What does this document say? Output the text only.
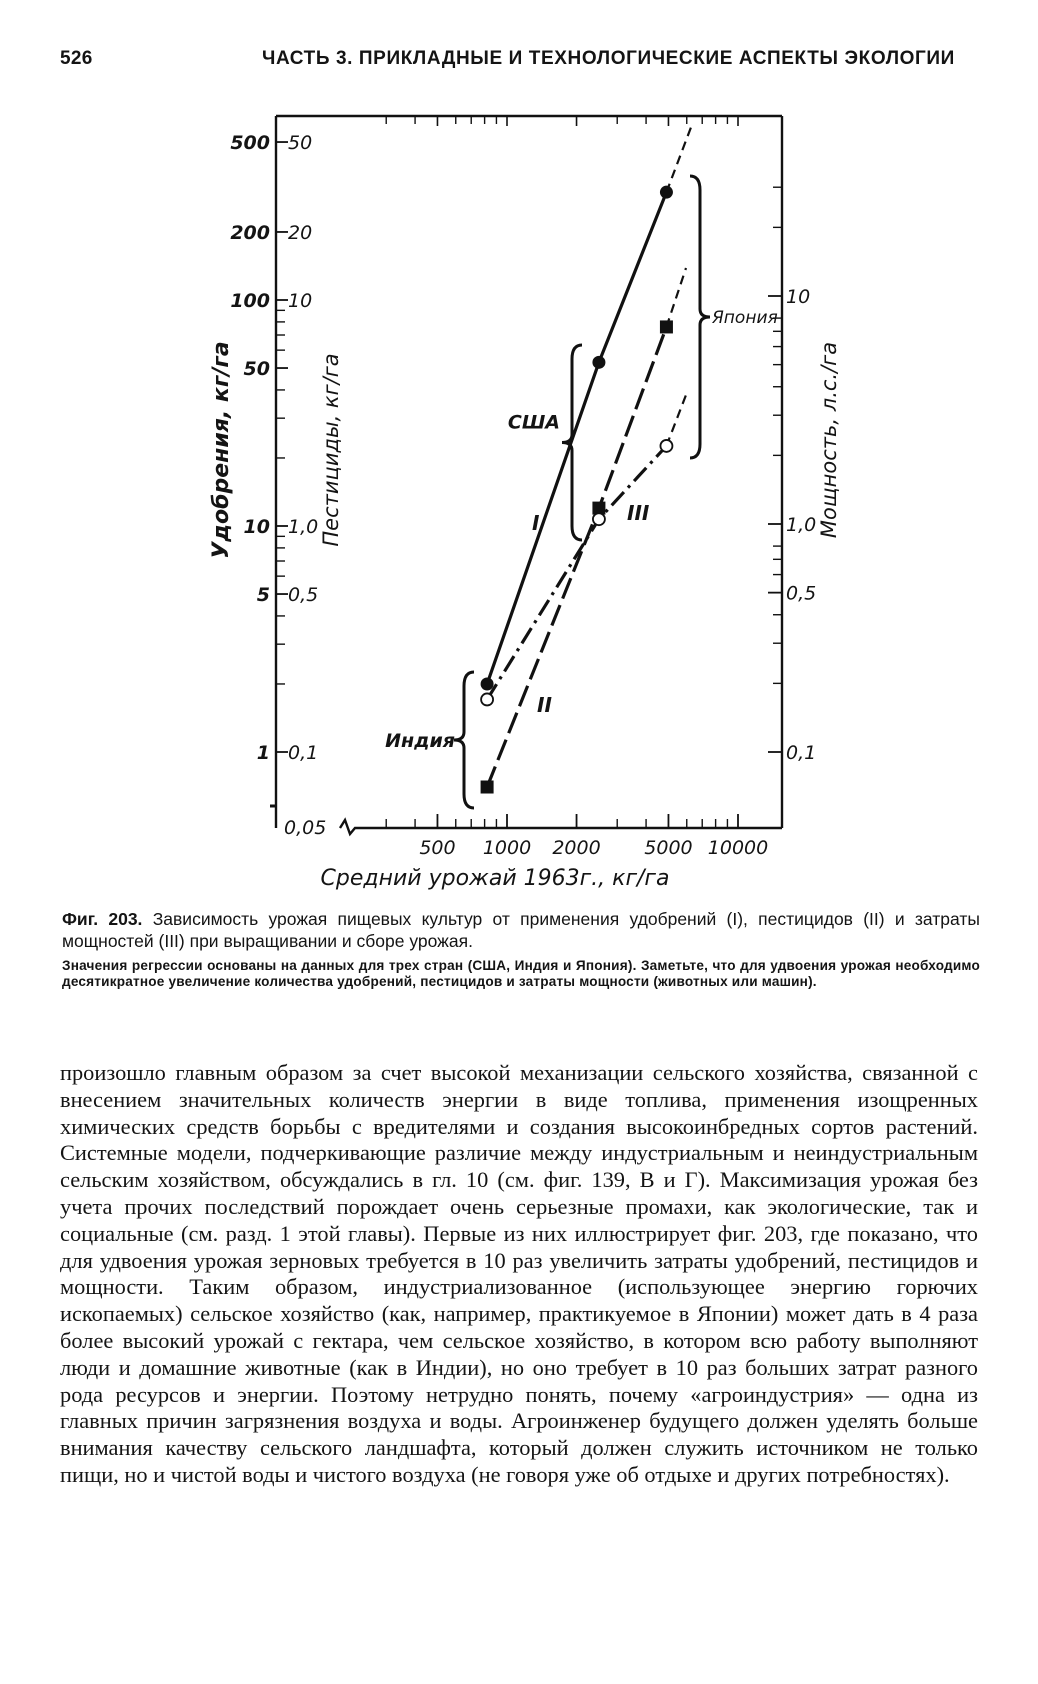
526	ЧАСТЬ 3. ПРИКЛАДНЫЕ И ТЕХНОЛОГИЧЕСКИЕ АСПЕКТЫ ЭКОЛОГИИ
500 50
200 20
100 10
50
10 1,0
5 0,5
1 0,1
0,05
10
1,0
0,5
0,1
500 1000 2000 5000 10000
Средний урожай 1963г., кг/га
Удобрения, кг/га	Пестициды, кг/га	Мощность, л.с./га
I
II
III
Индия
США
Япония
Фиг. 203. Зависимость урожая пищевых культур от применения удобрений (I), пестицидов (II) и затраты мощностей (III) при выращивании и сборе урожая.
Значения регрессии основаны на данных для трех стран (США, Индия и Япония). Заметьте, что для удвоения урожая необходимо десятикратное увеличение количества удобрений, пестицидов и затраты мощности (животных или машин).

произошло главным образом за счет высокой механизации сельского хозяйства, связанной с внесением значительных количеств энергии в виде топлива, применения изощренных химических средств борьбы с вредителями и создания высокоинбредных сортов растений. Системные модели, подчеркивающие различие между индустриальным и неиндустриальным сельским хозяйством, обсуждались в гл. 10 (см. фиг. 139, В и Г). Максимизация урожая без учета прочих последствий порождает очень серьезные промахи, как экологические, так и социальные (см. разд. 1 этой главы). Первые из них иллюстрирует фиг. 203, где показано, что для удвоения урожая зерновых требуется в 10 раз увеличить затраты удобрений, пестицидов и мощности. Таким образом, индустриализованное (использующее энергию горючих ископаемых) сельское хозяйство (как, например, практикуемое в Японии) может дать в 4 раза более высокий урожай с гектара, чем сельское хозяйство, в котором всю работу выполняют люди и домашние животные (как в Индии), но оно требует в 10 раз больших затрат разного рода ресурсов и энергии. Поэтому нетрудно понять, почему «агроиндустрия» — одна из главных причин загрязнения воздуха и воды. Агроинженер будущего должен уделять больше внимания качеству сельского ландшафта, который должен служить источником не только пищи, но и чистой воды и чистого воздуха (не говоря уже об отдыхе и других потребностях).
